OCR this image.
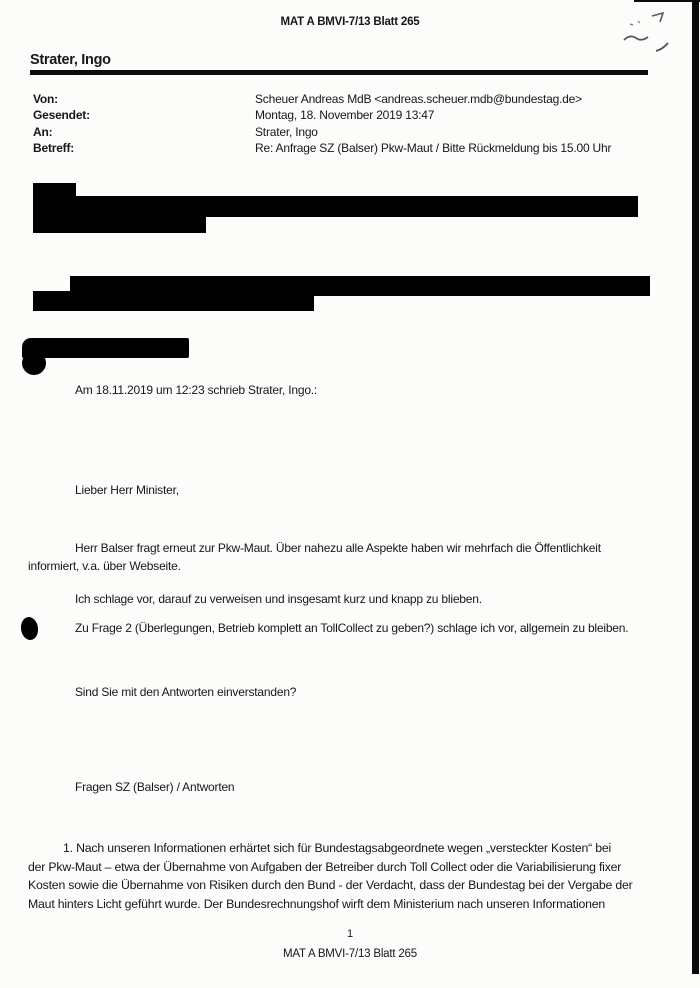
MAT A BMVI-7/13 Blatt 265
Strater, Ingo
Von:	Scheuer Andreas MdB <andreas.scheuer.mdb@bundestag.de>
Gesendet:	Montag, 18. November 2019 13:47
An:	Strater, Ingo
Betreff:	Re: Anfrage SZ (Balser) Pkw-Maut / Bitte Rückmeldung bis 15.00 Uhr
Am 18.11.2019 um 12:23 schrieb Strater, Ingo.:
Lieber Herr Minister,
Herr Balser fragt erneut zur Pkw-Maut. Über nahezu alle Aspekte haben wir mehrfach die Öffentlichkeit
informiert, v.a. über Webseite.
Ich schlage vor, darauf zu verweisen und insgesamt kurz und knapp zu blieben.
Zu Frage 2 (Überlegungen, Betrieb komplett an TollCollect zu geben?) schlage ich vor, allgemein zu bleiben.
Sind Sie mit den Antworten einverstanden?
Fragen SZ (Balser) / Antworten
1. Nach unseren Informationen erhärtet sich für Bundestagsabgeordnete wegen „versteckter Kosten“ bei
der Pkw-Maut – etwa der Übernahme von Aufgaben der Betreiber durch Toll Collect oder die Variabilisierung fixer
Kosten sowie die Übernahme von Risiken durch den Bund - der Verdacht, dass der Bundestag bei der Vergabe der
Maut hinters Licht geführt wurde. Der Bundesrechnungshof wirft dem Ministerium nach unseren Informationen
1
MAT A BMVI-7/13 Blatt 265
